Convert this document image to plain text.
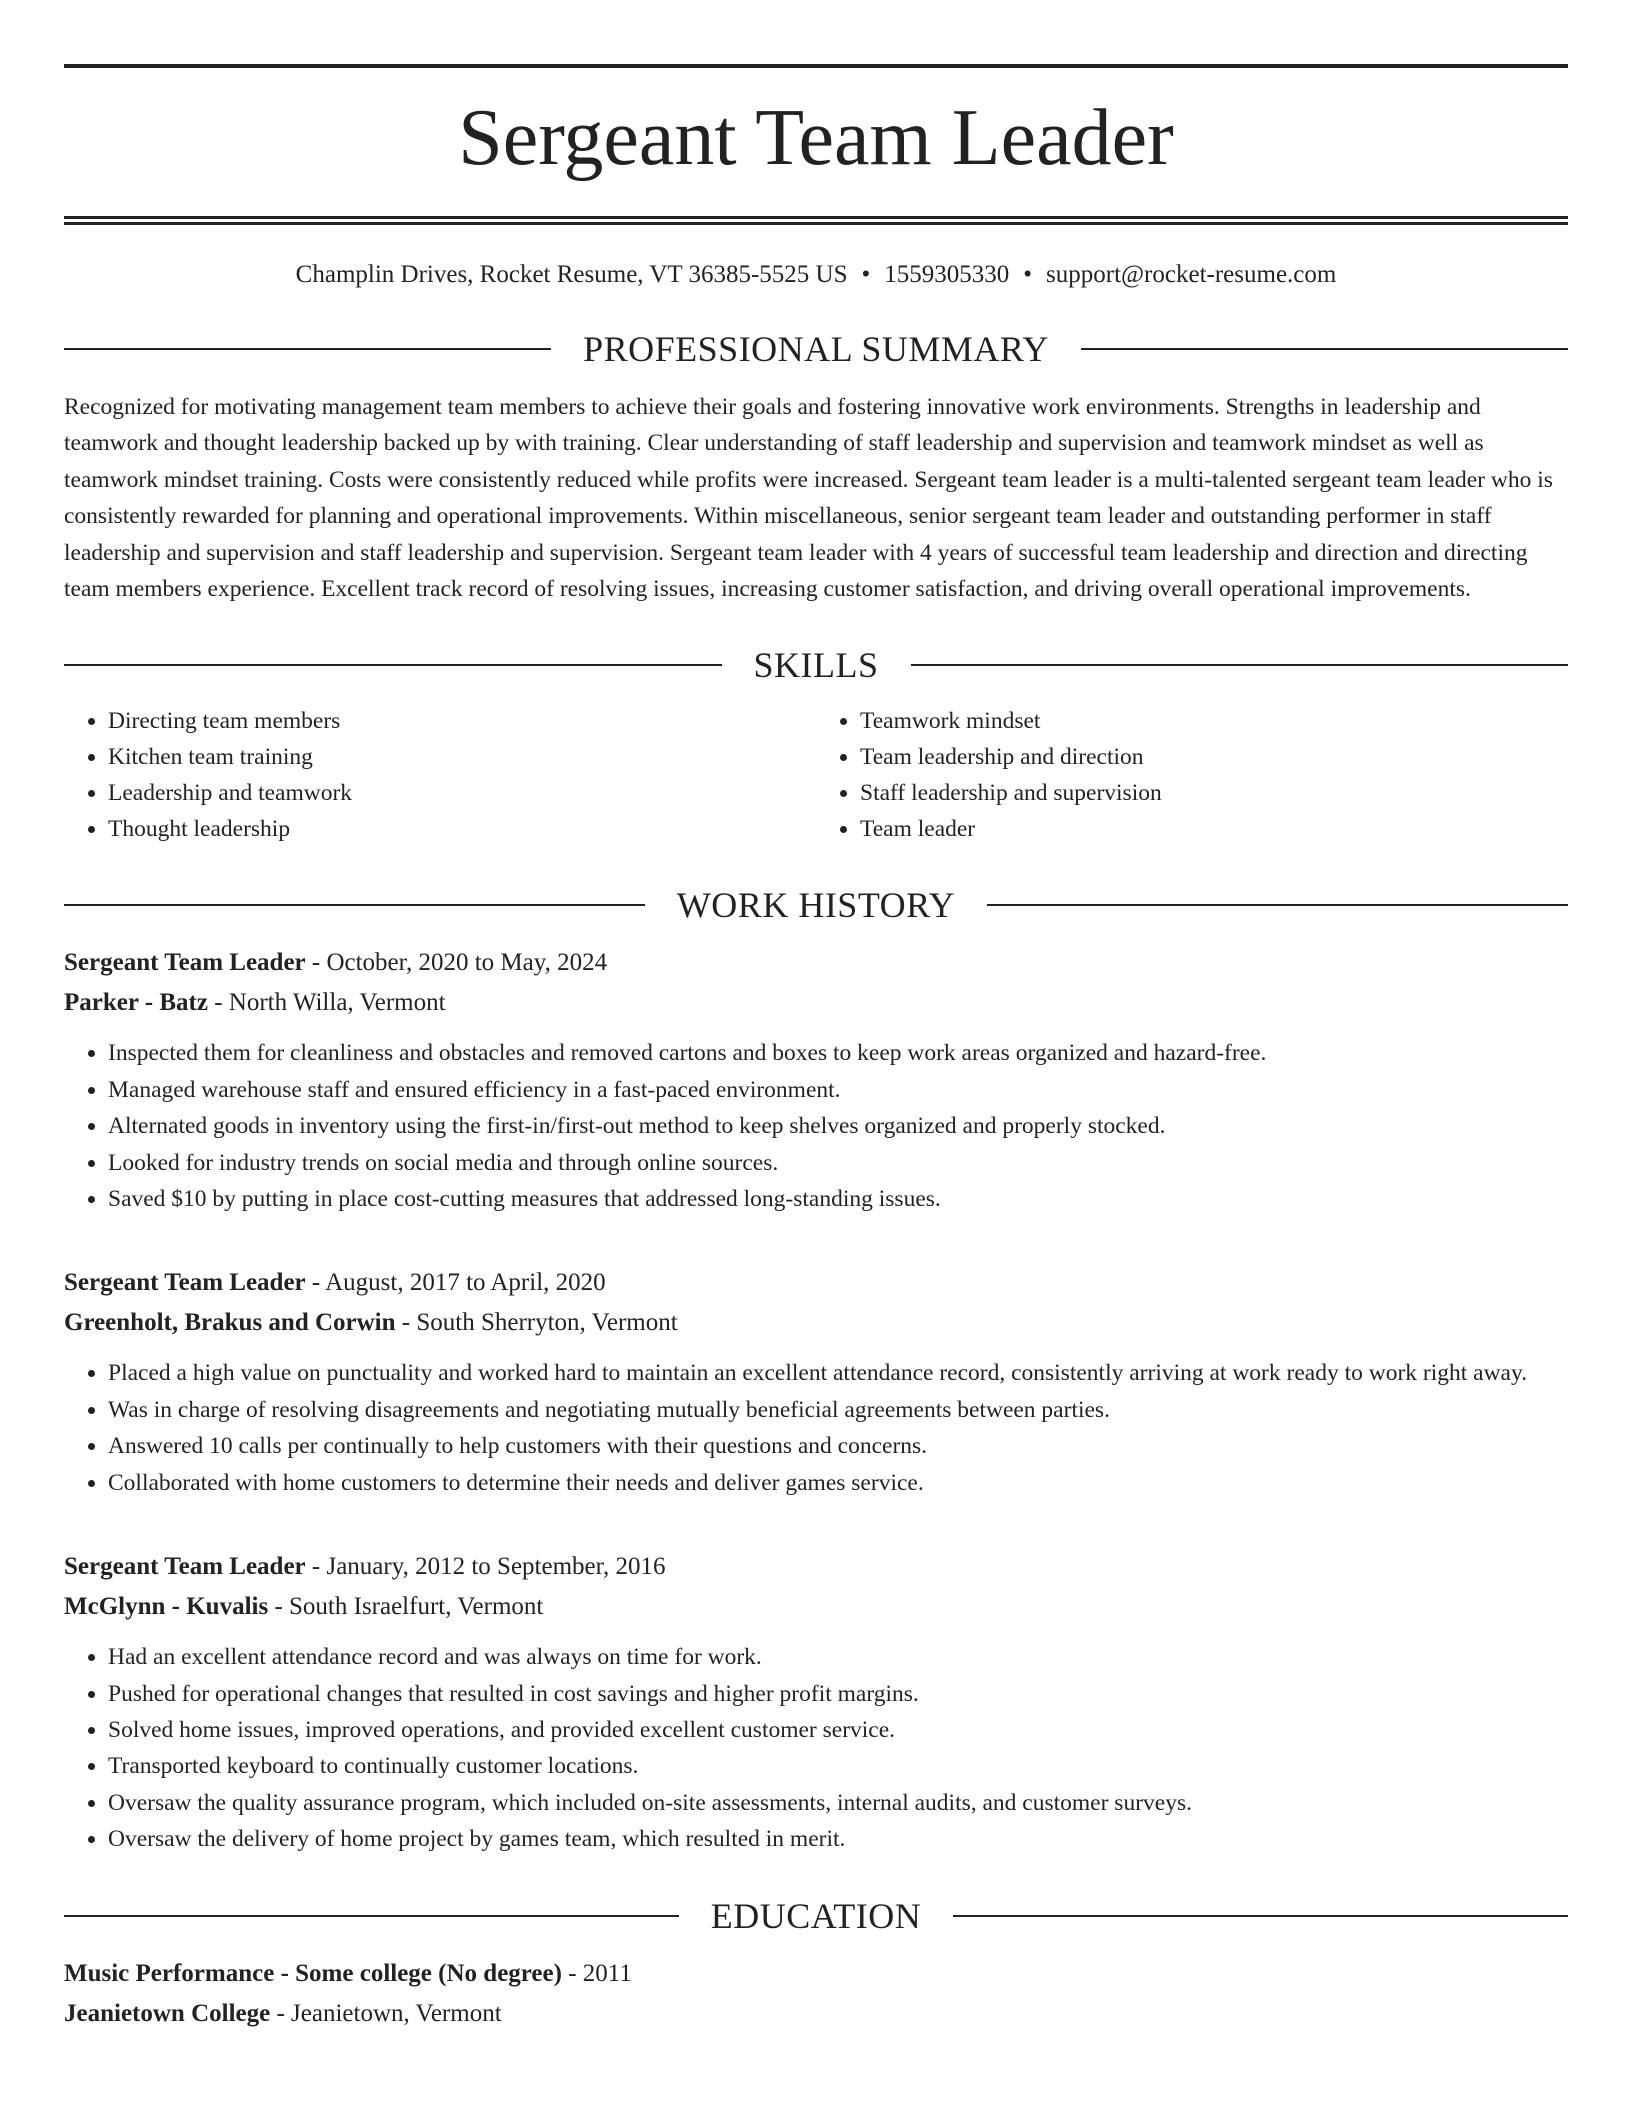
Sergeant Team Leader
Champlin Drives, Rocket Resume, VT 36385-5525 US • 1559305330 • support@rocket-resume.com
PROFESSIONAL SUMMARY
Recognized for motivating management team members to achieve their goals and fostering innovative work environments. Strengths in leadership and teamwork and thought leadership backed up by with training. Clear understanding of staff leadership and supervision and teamwork mindset as well as teamwork mindset training. Costs were consistently reduced while profits were increased. Sergeant team leader is a multi-talented sergeant team leader who is consistently rewarded for planning and operational improvements. Within miscellaneous, senior sergeant team leader and outstanding performer in staff leadership and supervision and staff leadership and supervision. Sergeant team leader with 4 years of successful team leadership and direction and directing team members experience. Excellent track record of resolving issues, increasing customer satisfaction, and driving overall operational improvements.
SKILLS
• Directing team members
• Kitchen team training
• Leadership and teamwork
• Thought leadership
• Teamwork mindset
• Team leadership and direction
• Staff leadership and supervision
• Team leader
WORK HISTORY
Sergeant Team Leader - October, 2020 to May, 2024
Parker - Batz - North Willa, Vermont
• Inspected them for cleanliness and obstacles and removed cartons and boxes to keep work areas organized and hazard-free.
• Managed warehouse staff and ensured efficiency in a fast-paced environment.
• Alternated goods in inventory using the first-in/first-out method to keep shelves organized and properly stocked.
• Looked for industry trends on social media and through online sources.
• Saved $10 by putting in place cost-cutting measures that addressed long-standing issues.
Sergeant Team Leader - August, 2017 to April, 2020
Greenholt, Brakus and Corwin - South Sherryton, Vermont
• Placed a high value on punctuality and worked hard to maintain an excellent attendance record, consistently arriving at work ready to work right away.
• Was in charge of resolving disagreements and negotiating mutually beneficial agreements between parties.
• Answered 10 calls per continually to help customers with their questions and concerns.
• Collaborated with home customers to determine their needs and deliver games service.
Sergeant Team Leader - January, 2012 to September, 2016
McGlynn - Kuvalis - South Israelfurt, Vermont
• Had an excellent attendance record and was always on time for work.
• Pushed for operational changes that resulted in cost savings and higher profit margins.
• Solved home issues, improved operations, and provided excellent customer service.
• Transported keyboard to continually customer locations.
• Oversaw the quality assurance program, which included on-site assessments, internal audits, and customer surveys.
• Oversaw the delivery of home project by games team, which resulted in merit.
EDUCATION
Music Performance - Some college (No degree) - 2011
Jeanietown College - Jeanietown, Vermont
